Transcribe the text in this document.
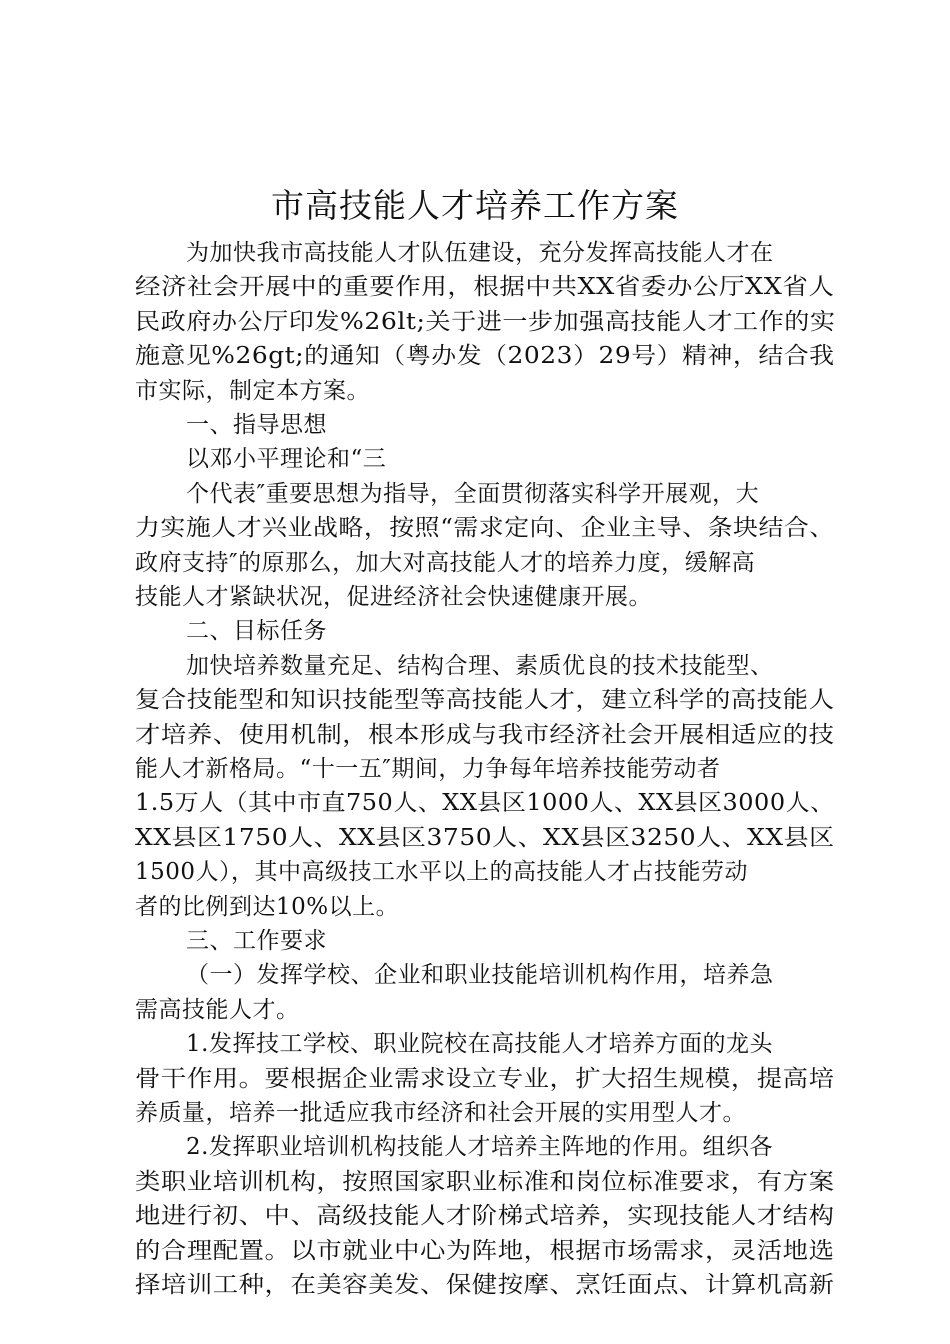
市高技能人才培养工作方案
为加快我市高技能人才队伍建设，充分发挥高技能人才在
经济社会开展中的重要作用，根据中共XX省委办公厅XX省人
民政府办公厅印发%26lt;关于进一步加强高技能人才工作的实
施意见%26gt;的通知（粤办发（2023）29号）精神，结合我
市实际，制定本方案。
一、指导思想
以邓小平理论和“三
个代表″重要思想为指导，全面贯彻落实科学开展观，大
力实施人才兴业战略，按照“需求定向、企业主导、条块结合、
政府支持″的原那么，加大对高技能人才的培养力度，缓解高
技能人才紧缺状况，促进经济社会快速健康开展。
二、目标任务
加快培养数量充足、结构合理、素质优良的技术技能型、
复合技能型和知识技能型等高技能人才，建立科学的高技能人
才培养、使用机制，根本形成与我市经济社会开展相适应的技
能人才新格局。“十一五″期间，力争每年培养技能劳动者
1.5万人（其中市直750人、XX县区1000人、XX县区3000人、
XX县区1750人、XX县区3750人、XX县区3250人、XX县区
1500人），其中高级技工水平以上的高技能人才占技能劳动
者的比例到达10%以上。
三、工作要求
（一）发挥学校、企业和职业技能培训机构作用，培养急
需高技能人才。
1.发挥技工学校、职业院校在高技能人才培养方面的龙头
骨干作用。要根据企业需求设立专业，扩大招生规模，提高培
养质量，培养一批适应我市经济和社会开展的实用型人才。
2.发挥职业培训机构技能人才培养主阵地的作用。组织各
类职业培训机构，按照国家职业标准和岗位标准要求，有方案
地进行初、中、高级技能人才阶梯式培养，实现技能人才结构
的合理配置。以市就业中心为阵地，根据市场需求，灵活地选
择培训工种，在美容美发、保健按摩、烹饪面点、计算机高新
